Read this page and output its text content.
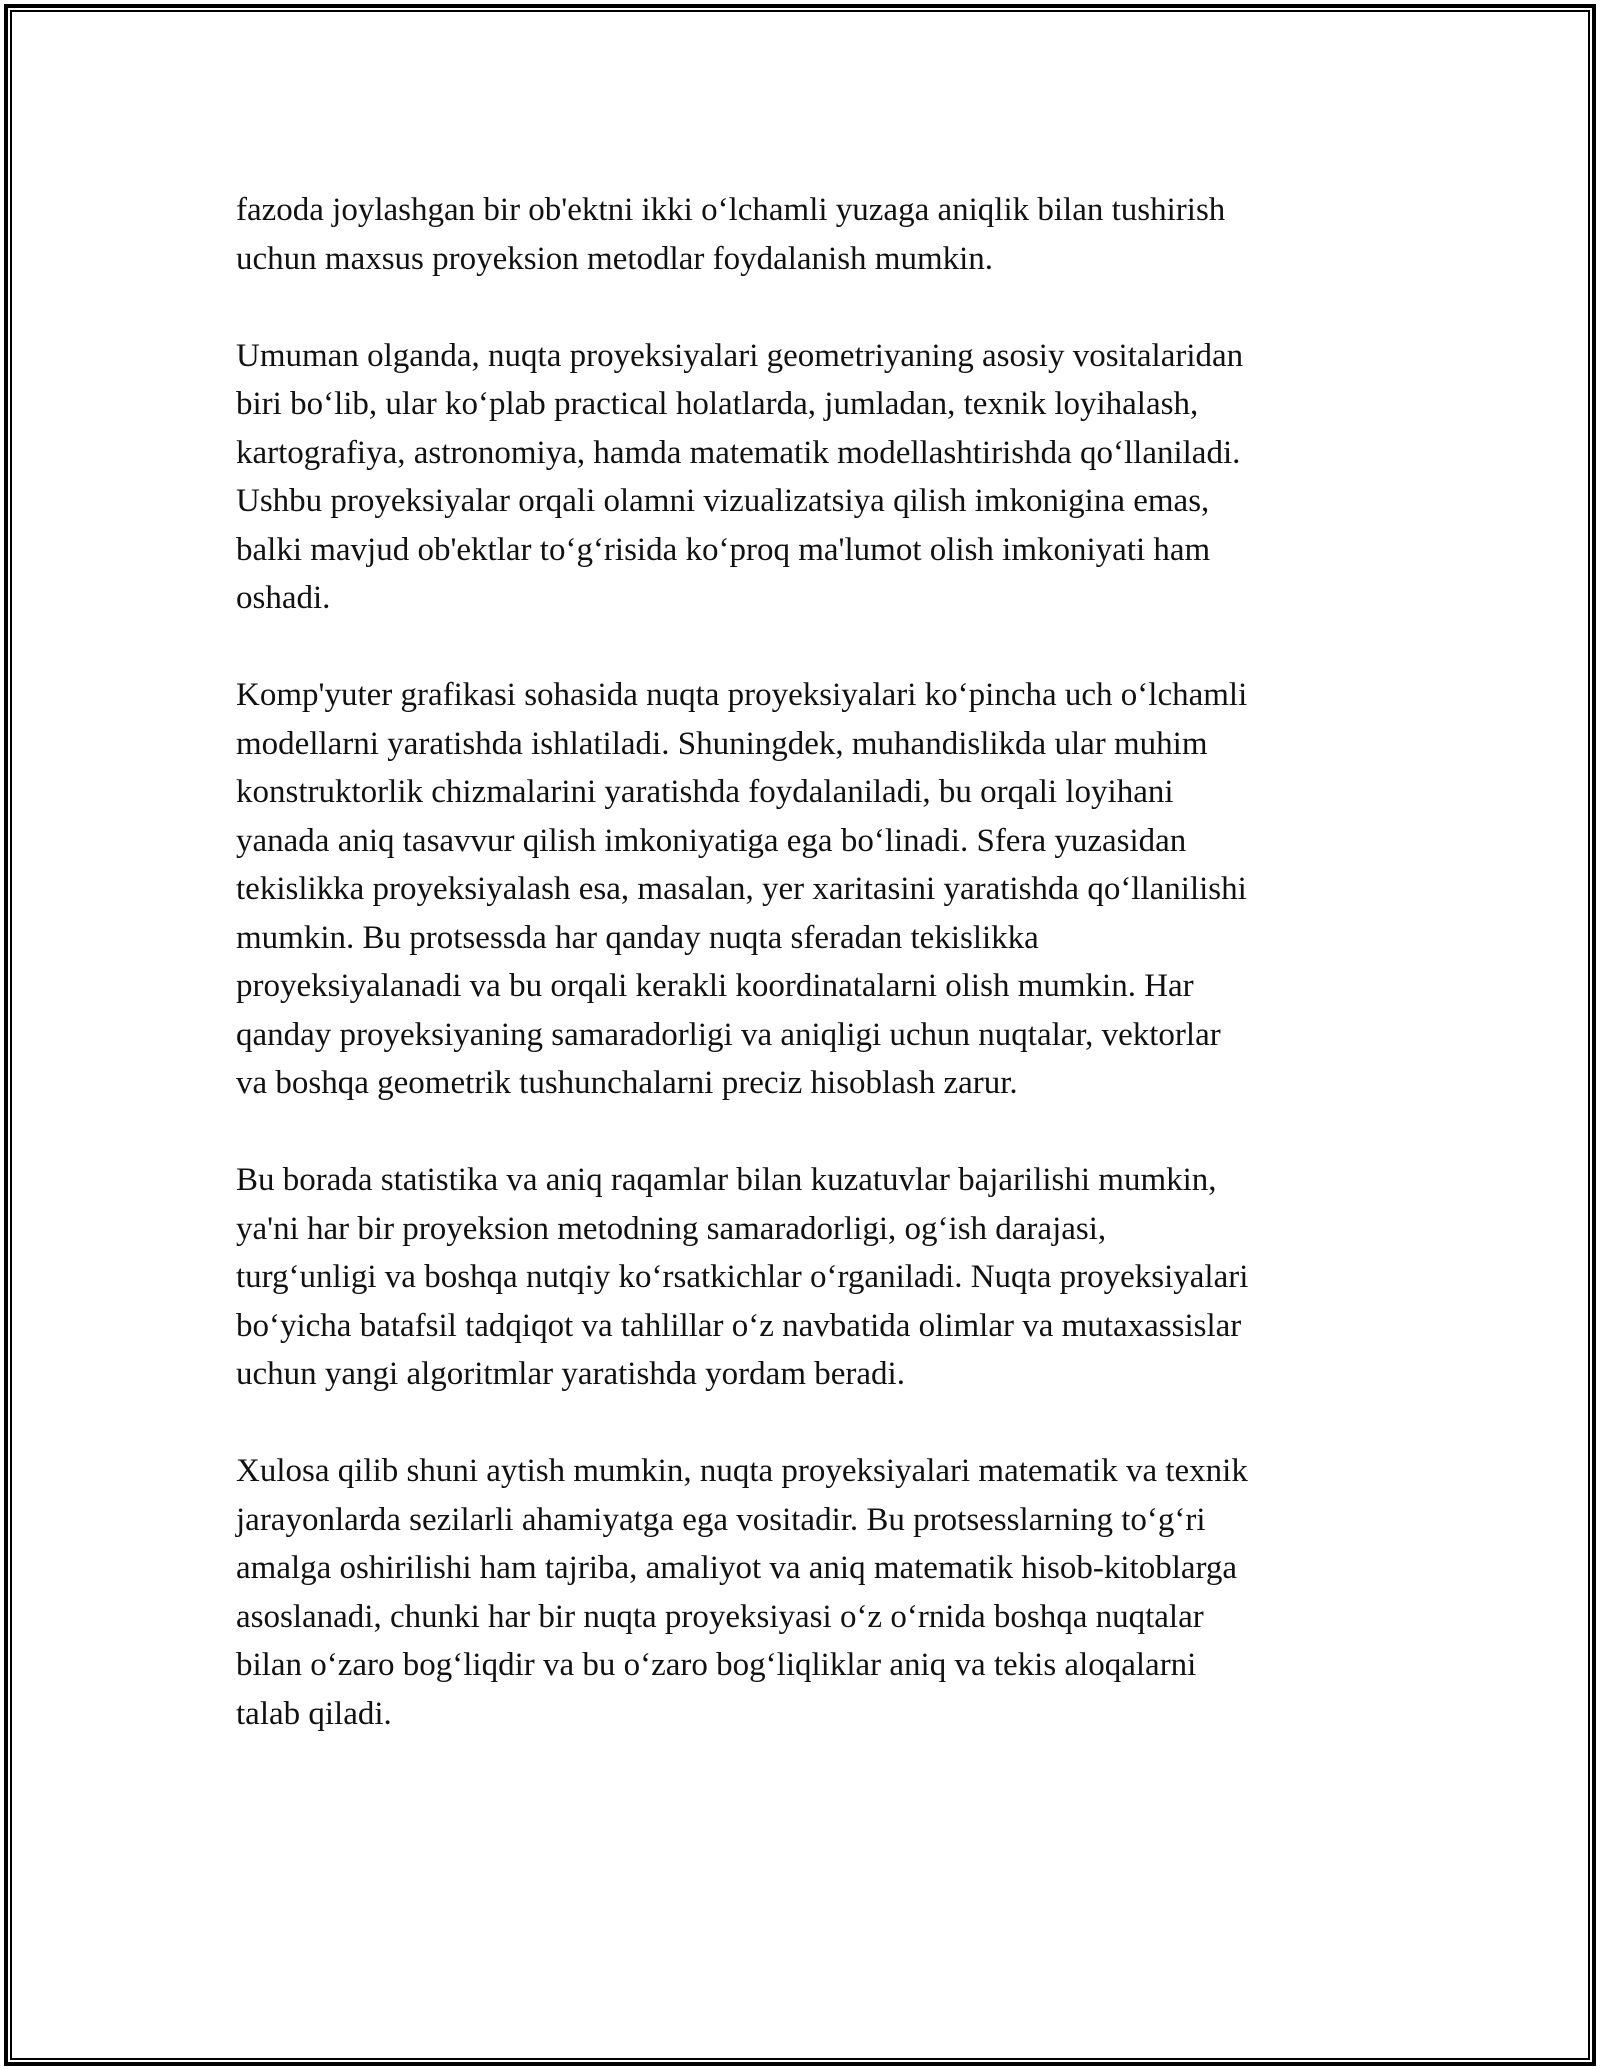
fazoda joylashgan bir ob'ektni ikki o‘lchamli yuzaga aniqlik bilan tushirish
uchun maxsus proyeksion metodlar foydalanish mumkin.

Umuman olganda, nuqta proyeksiyalari geometriyaning asosiy vositalaridan
biri bo‘lib, ular ko‘plab practical holatlarda, jumladan, texnik loyihalash,
kartografiya, astronomiya, hamda matematik modellashtirishda qo‘llaniladi.
Ushbu proyeksiyalar orqali olamni vizualizatsiya qilish imkonigina emas,
balki mavjud ob'ektlar to‘g‘risida ko‘proq ma'lumot olish imkoniyati ham
oshadi.

Komp'yuter grafikasi sohasida nuqta proyeksiyalari ko‘pincha uch o‘lchamli
modellarni yaratishda ishlatiladi. Shuningdek, muhandislikda ular muhim
konstruktorlik chizmalarini yaratishda foydalaniladi, bu orqali loyihani
yanada aniq tasavvur qilish imkoniyatiga ega bo‘linadi. Sfera yuzasidan
tekislikka proyeksiyalash esa, masalan, yer xaritasini yaratishda qo‘llanilishi
mumkin. Bu protsessda har qanday nuqta sferadan tekislikka
proyeksiyalanadi va bu orqali kerakli koordinatalarni olish mumkin. Har
qanday proyeksiyaning samaradorligi va aniqligi uchun nuqtalar, vektorlar
va boshqa geometrik tushunchalarni preciz hisoblash zarur.

Bu borada statistika va aniq raqamlar bilan kuzatuvlar bajarilishi mumkin,
ya'ni har bir proyeksion metodning samaradorligi, og‘ish darajasi,
turg‘unligi va boshqa nutqiy ko‘rsatkichlar o‘rganiladi. Nuqta proyeksiyalari
bo‘yicha batafsil tadqiqot va tahlillar o‘z navbatida olimlar va mutaxassislar
uchun yangi algoritmlar yaratishda yordam beradi.

Xulosa qilib shuni aytish mumkin, nuqta proyeksiyalari matematik va texnik
jarayonlarda sezilarli ahamiyatga ega vositadir. Bu protsesslarning to‘g‘ri
amalga oshirilishi ham tajriba, amaliyot va aniq matematik hisob-kitoblarga
asoslanadi, chunki har bir nuqta proyeksiyasi o‘z o‘rnida boshqa nuqtalar
bilan o‘zaro bog‘liqdir va bu o‘zaro bog‘liqliklar aniq va tekis aloqalarni
talab qiladi.
